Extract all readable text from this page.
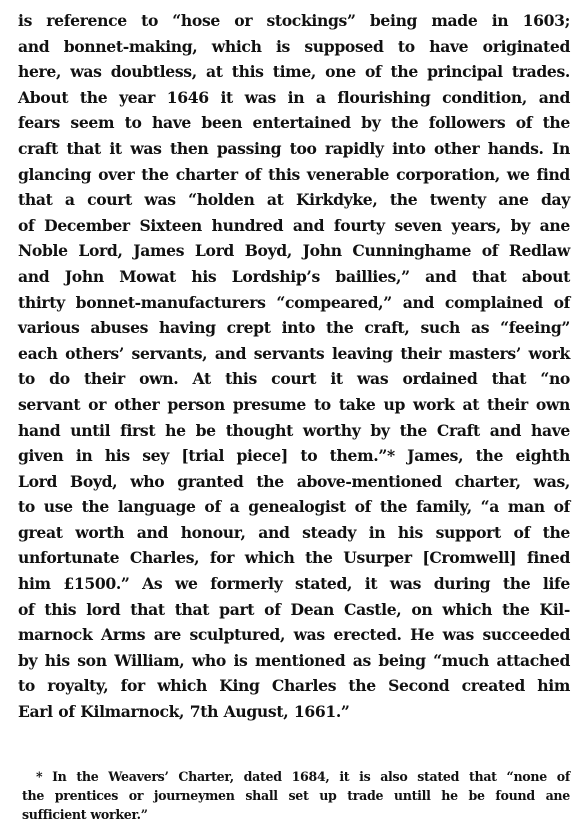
is reference to “hose or stockings” being made in 1603;
and bonnet-making, which is supposed to have originated
here, was doubtless, at this time, one of the principal trades.
About the year 1646 it was in a flourishing condition, and
fears seem to have been entertained by the followers of the
craft that it was then passing too rapidly into other hands. In
glancing over the charter of this venerable corporation, we find
that a court was “holden at Kirkdyke, the twenty ane day
of December Sixteen hundred and fourty seven years, by ane
Noble Lord, James Lord Boyd, John Cunninghame of Redlaw
and John Mowat his Lordship’s baillies,” and that about
thirty bonnet-manufacturers “compeared,” and complained of
various abuses having crept into the craft, such as “feeing”
each others’ servants, and servants leaving their masters’ work
to do their own. At this court it was ordained that “no
servant or other person presume to take up work at their own
hand until first he be thought worthy by the Craft and have
given in his sey [trial piece] to them.”* James, the eighth
Lord Boyd, who granted the above-mentioned charter, was,
to use the language of a genealogist of the family, “a man of
great worth and honour, and steady in his support of the
unfortunate Charles, for which the Usurper [Cromwell] fined
him £1500.” As we formerly stated, it was during the life
of this lord that that part of Dean Castle, on which the Kil-
marnock Arms are sculptured, was erected. He was succeeded
by his son William, who is mentioned as being “much attached
to royalty, for which King Charles the Second created him
Earl of Kilmarnock, 7th August, 1661.”
* In the Weavers’ Charter, dated 1684, it is also stated that “none of
the prentices or journeymen shall set up trade untill he be found ane
sufficient worker.”
